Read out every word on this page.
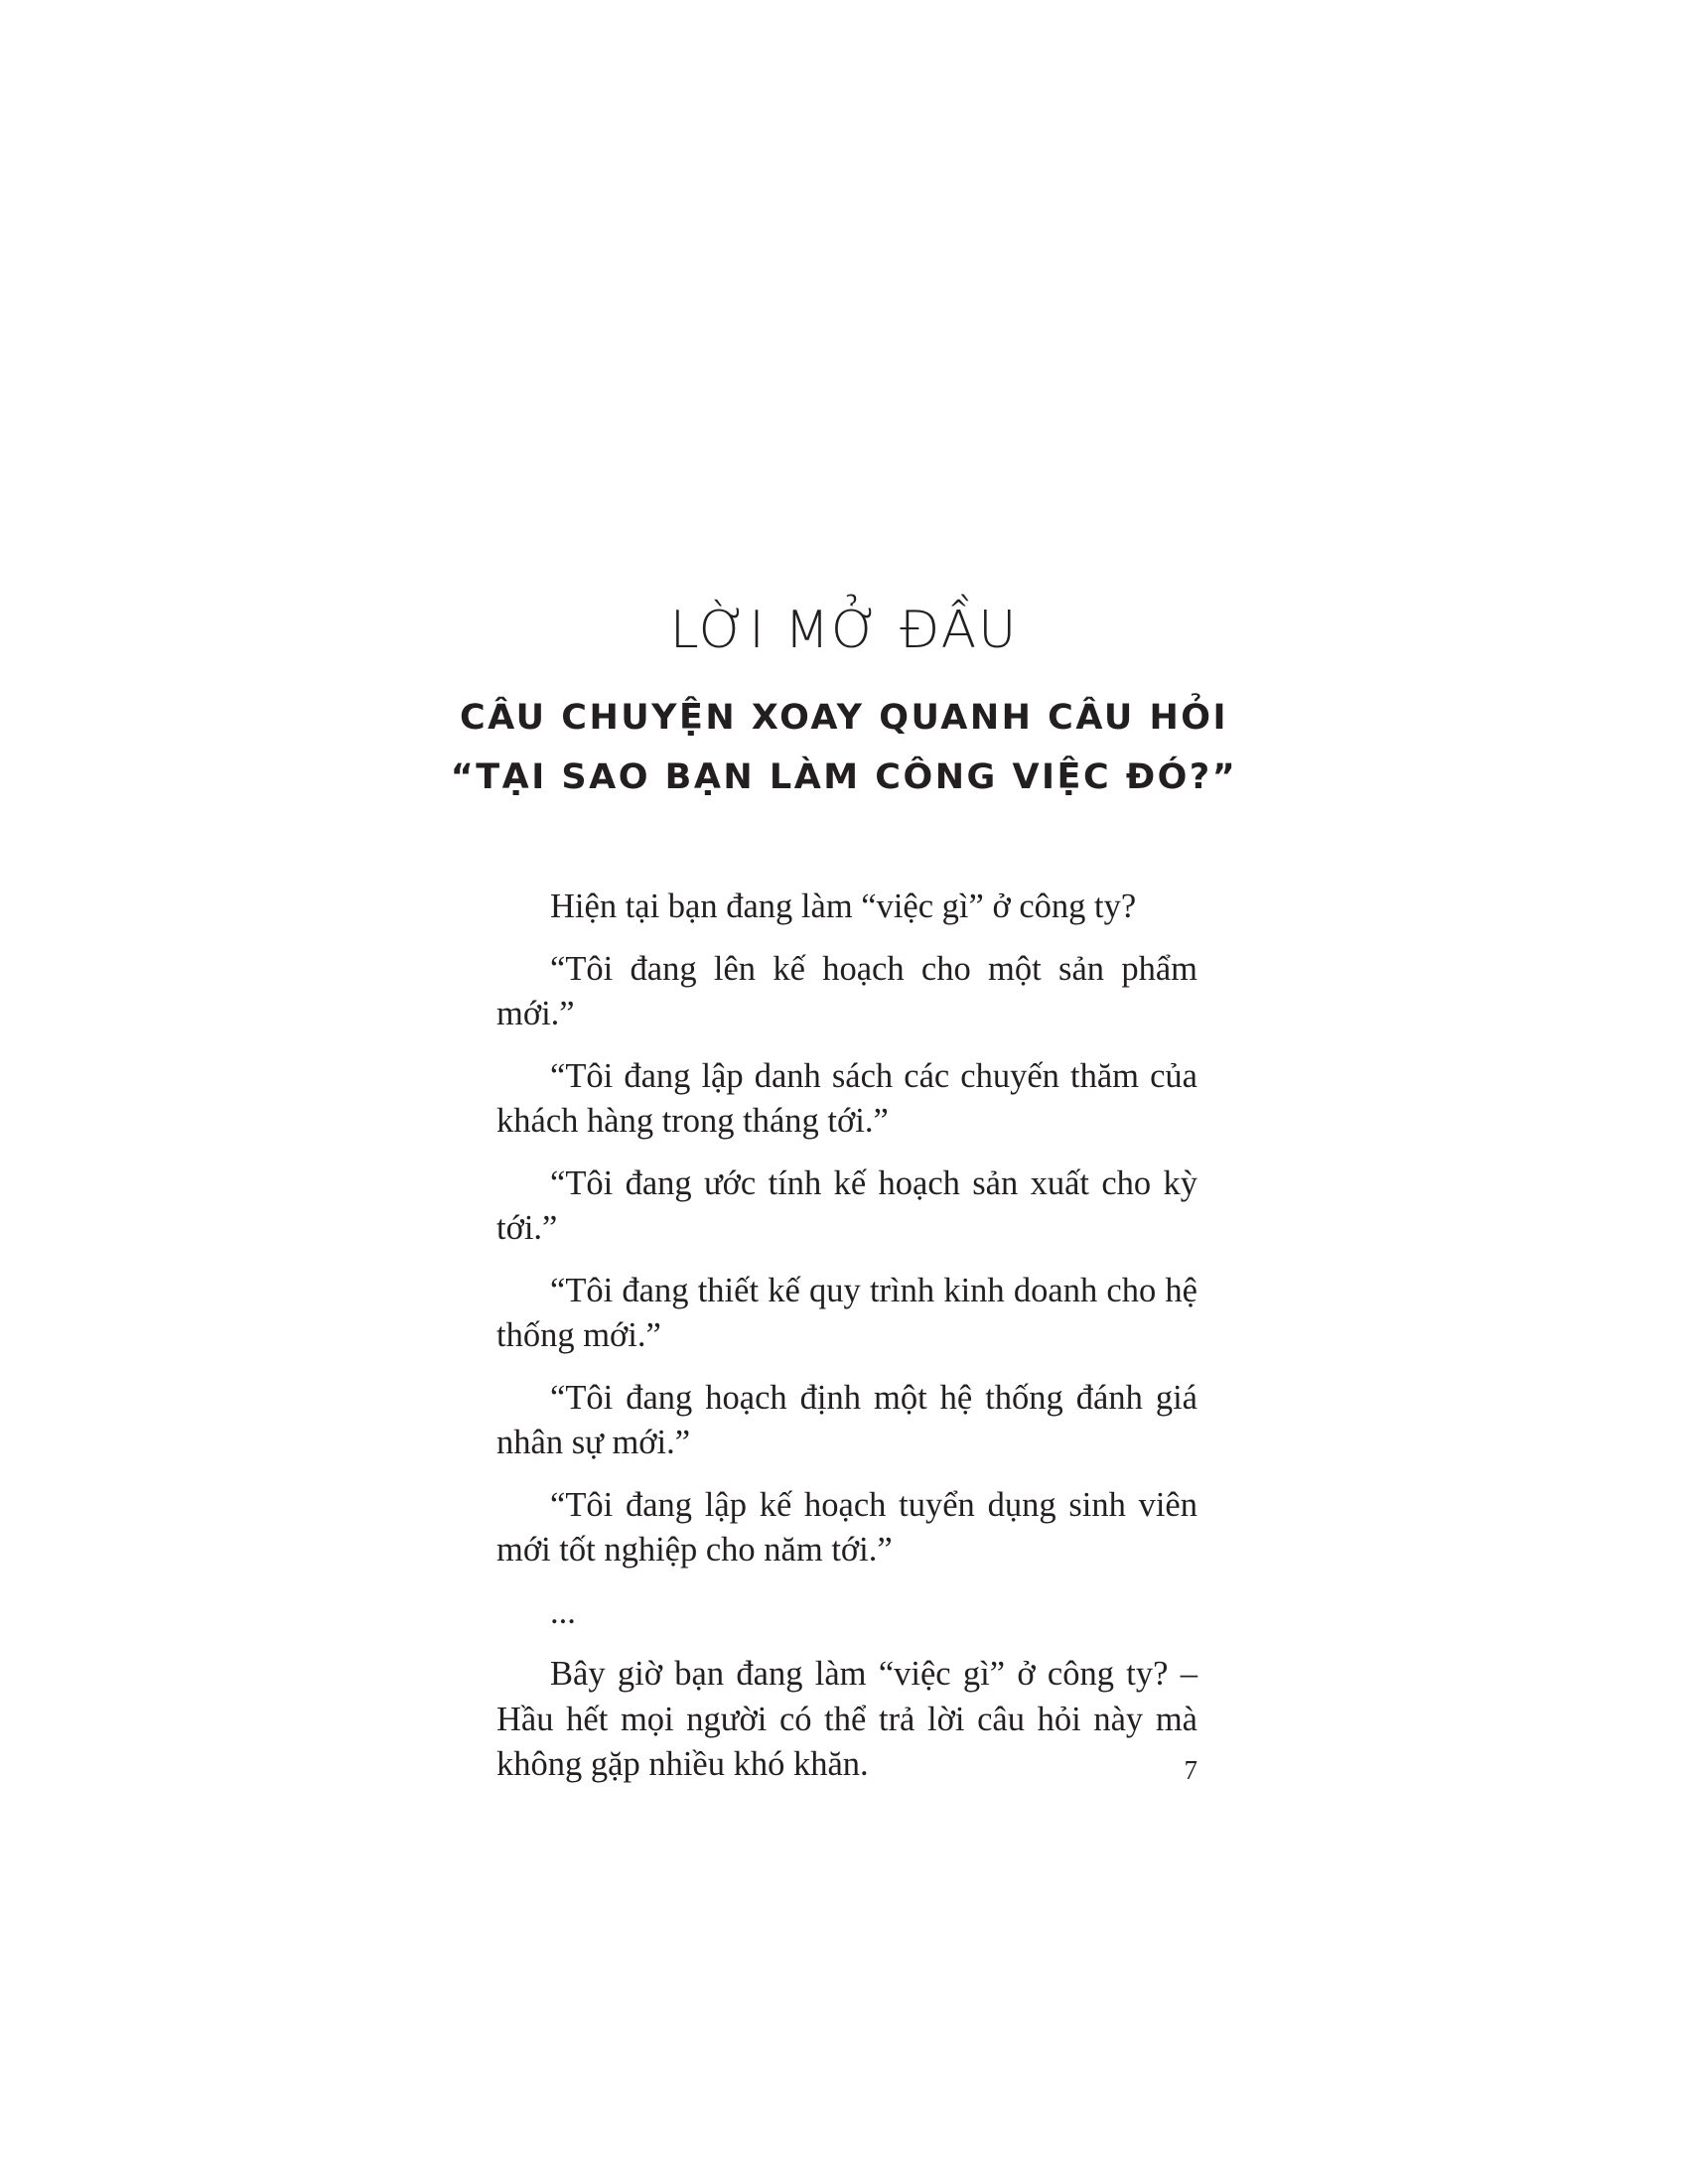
LỜI MỞ ĐẦU
CÂU CHUYỆN XOAY QUANH CÂU HỎI
“TẠI SAO BẠN LÀM CÔNG VIỆC ĐÓ?”

Hiện tại bạn đang làm “việc gì” ở công ty?

“Tôi đang lên kế hoạch cho một sản phẩm mới.”

“Tôi đang lập danh sách các chuyến thăm của khách hàng trong tháng tới.”

“Tôi đang ước tính kế hoạch sản xuất cho kỳ tới.”

“Tôi đang thiết kế quy trình kinh doanh cho hệ thống mới.”

“Tôi đang hoạch định một hệ thống đánh giá nhân sự mới.”

“Tôi đang lập kế hoạch tuyển dụng sinh viên mới tốt nghiệp cho năm tới.”

...

Bây giờ bạn đang làm “việc gì” ở công ty? – Hầu hết mọi người có thể trả lời câu hỏi này mà không gặp nhiều khó khăn.	7
